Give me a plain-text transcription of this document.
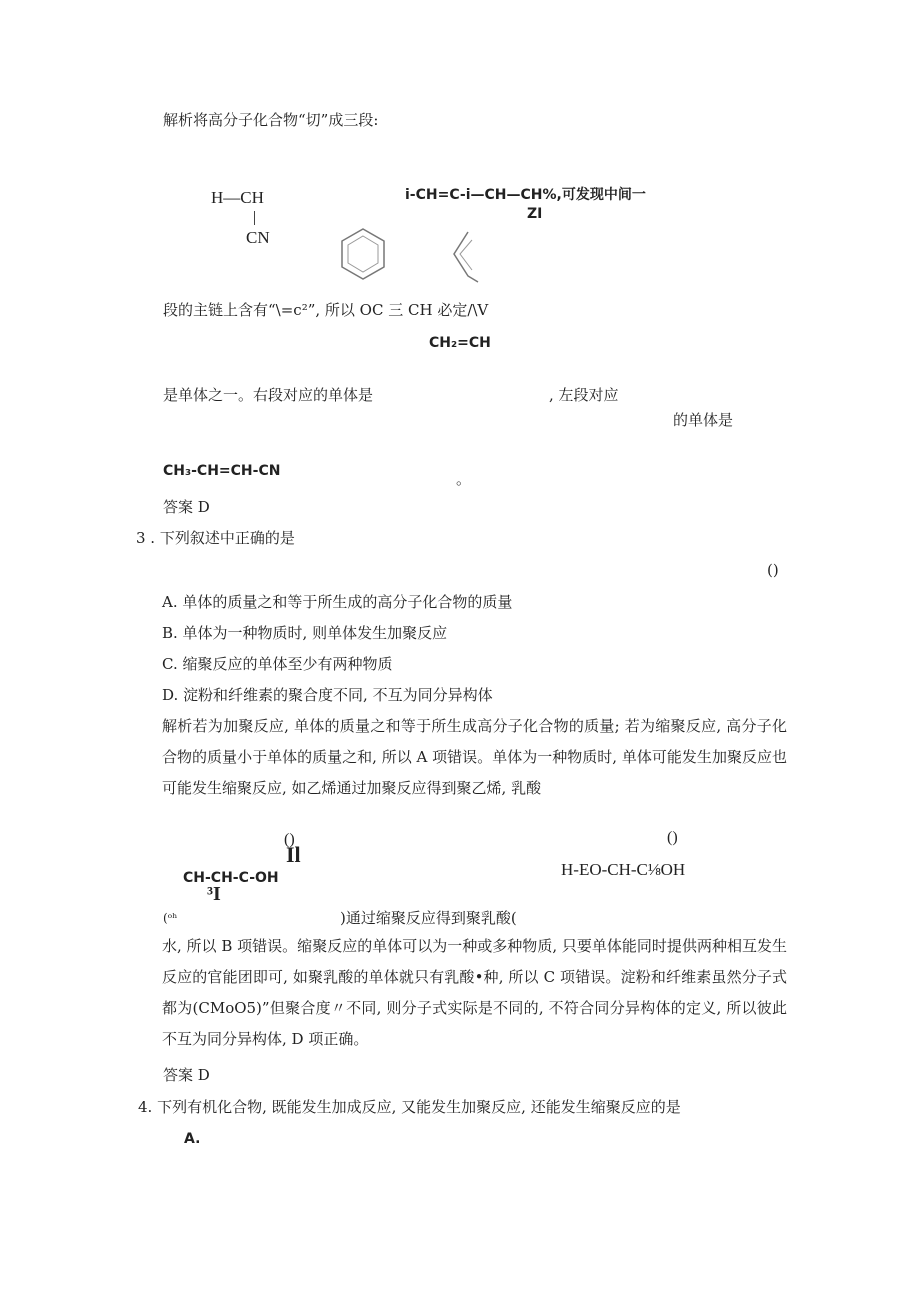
解析将高分子化合物“切”成三段:
H—CH
CN
i-CH=C-i—CH—CH%,可发现中间一
ZI
段的主链上含有“\=c²”, 所以 OC 三 CH 必定/\V
CH₂=CH
是单体之一。右段对应的单体是	, 左段对应
的单体是
CH₃-CH=CH-CN	。
答案 D
3 . 下列叙述中正确的是
()
A. 单体的质量之和等于所生成的高分子化合物的质量
B. 单体为一种物质时, 则单体发生加聚反应
C. 缩聚反应的单体至少有两种物质
D. 淀粉和纤维素的聚合度不同, 不互为同分异构体
解析若为加聚反应, 单体的质量之和等于所生成高分子化合物的质量; 若为缩聚反应, 高分子化合物的质量小于单体的质量之和, 所以 A 项错误。单体为一种物质时, 单体可能发生加聚反应也可能发生缩聚反应, 如乙烯通过加聚反应得到聚乙烯, 乳酸
()
Il
CH-CH-C-OH
³I
()
H-EO-CH-C⅛OH
(ᵒʰ	)通过缩聚反应得到聚乳酸(
水, 所以 B 项错误。缩聚反应的单体可以为一种或多种物质, 只要单体能同时提供两种相互发生反应的官能团即可, 如聚乳酸的单体就只有乳酸•种, 所以 C 项错误。淀粉和纤维素虽然分子式都为(CMoO5)”但聚合度〃不同, 则分子式实际是不同的, 不符合同分异构体的定义, 所以彼此不互为同分异构体, D 项正确。
答案 D
4. 下列有机化合物, 既能发生加成反应, 又能发生加聚反应, 还能发生缩聚反应的是
A.
